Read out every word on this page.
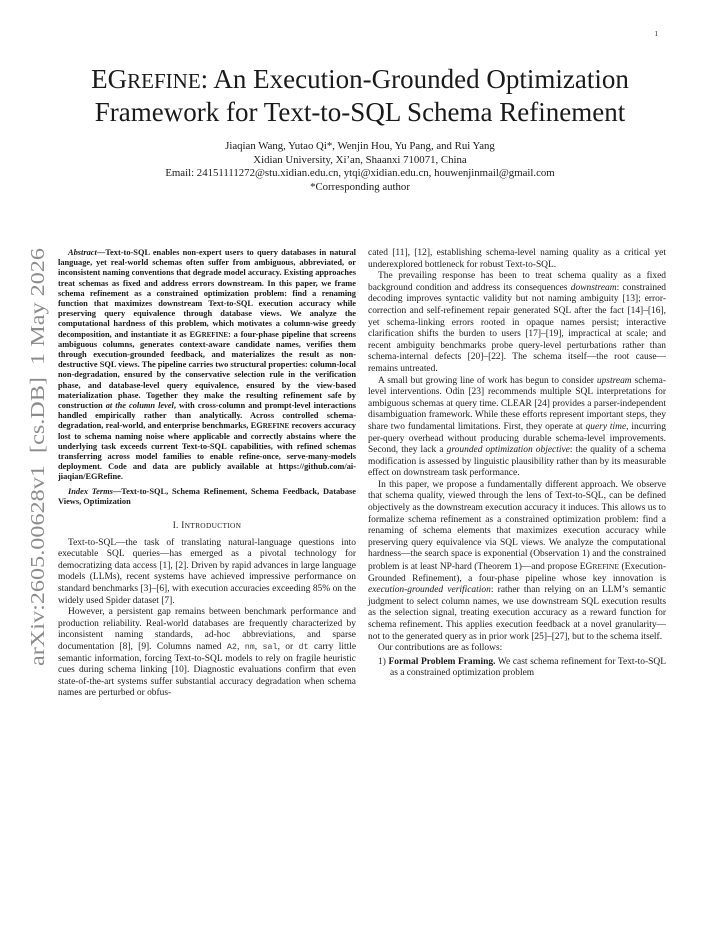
1
arXiv:2605.00628v1  [cs.DB]  1 May 2026
EGREFINE: An Execution-Grounded Optimization
Framework for Text-to-SQL Schema Refinement
Jiaqian Wang, Yutao Qi*, Wenjin Hou, Yu Pang, and Rui Yang
Xidian University, Xi’an, Shaanxi 710071, China
Email: 24151111272@stu.xidian.edu.cn, ytqi@xidian.edu.cn, houwenjinmail@gmail.com
*Corresponding author

Abstract—Text-to-SQL enables non-expert users to query databases in natural language, yet real-world schemas often suffer from ambiguous, abbreviated, or inconsistent naming conventions that degrade model accuracy. Existing approaches treat schemas as fixed and address errors downstream. In this paper, we frame schema refinement as a constrained optimization problem: find a renaming function that maximizes downstream Text-to-SQL execution accuracy while preserving query equivalence through database views. We analyze the computational hardness of this problem, which motivates a column-wise greedy decomposition, and instantiate it as EGREFINE: a four-phase pipeline that screens ambiguous columns, generates context-aware candidate names, verifies them through execution-grounded feedback, and materializes the result as non-destructive SQL views. The pipeline carries two structural properties: column-local non-degradation, ensured by the conservative selection rule in the verification phase, and database-level query equivalence, ensured by the view-based materialization phase. Together they make the resulting refinement safe by construction at the column level, with cross-column and prompt-level interactions handled empirically rather than analytically. Across controlled schema-degradation, real-world, and enterprise benchmarks, EGREFINE recovers accuracy lost to schema naming noise where applicable and correctly abstains where the underlying task exceeds current Text-to-SQL capabilities, with refined schemas transferring across model families to enable refine-once, serve-many-models deployment. Code and data are publicly available at https://github.com/ai-jiaqian/EGRefine.

Index Terms—Text-to-SQL, Schema Refinement, Schema Feedback, Database Views, Optimization

I. INTRODUCTION

Text-to-SQL—the task of translating natural-language questions into executable SQL queries—has emerged as a pivotal technology for democratizing data access [1], [2]. Driven by rapid advances in large language models (LLMs), recent systems have achieved impressive performance on standard benchmarks [3]–[6], with execution accuracies exceeding 85% on the widely used Spider dataset [7].

However, a persistent gap remains between benchmark performance and production reliability. Real-world databases are frequently characterized by inconsistent naming standards, ad-hoc abbreviations, and sparse documentation [8], [9]. Columns named A2, nm, sal, or dt carry little semantic information, forcing Text-to-SQL models to rely on fragile heuristic cues during schema linking [10]. Diagnostic evaluations confirm that even state-of-the-art systems suffer substantial accuracy degradation when schema names are perturbed or obfus-

cated [11], [12], establishing schema-level naming quality as a critical yet underexplored bottleneck for robust Text-to-SQL.

The prevailing response has been to treat schema quality as a fixed background condition and address its consequences downstream: constrained decoding improves syntactic validity but not naming ambiguity [13]; error-correction and self-refinement repair generated SQL after the fact [14]–[16], yet schema-linking errors rooted in opaque names persist; interactive clarification shifts the burden to users [17]–[19], impractical at scale; and recent ambiguity benchmarks probe query-level perturbations rather than schema-internal defects [20]–[22]. The schema itself—the root cause—remains untreated.

A small but growing line of work has begun to consider upstream schema-level interventions. Odin [23] recommends multiple SQL interpretations for ambiguous schemas at query time. CLEAR [24] provides a parser-independent disambiguation framework. While these efforts represent important steps, they share two fundamental limitations. First, they operate at query time, incurring per-query overhead without producing durable schema-level improvements. Second, they lack a grounded optimization objective: the quality of a schema modification is assessed by linguistic plausibility rather than by its measurable effect on downstream task performance.

In this paper, we propose a fundamentally different approach. We observe that schema quality, viewed through the lens of Text-to-SQL, can be defined objectively as the downstream execution accuracy it induces. This allows us to formalize schema refinement as a constrained optimization problem: find a renaming of schema elements that maximizes execution accuracy while preserving query equivalence via SQL views. We analyze the computational hardness—the search space is exponential (Observation 1) and the constrained problem is at least NP-hard (Theorem 1)—and propose EGREFINE (Execution-Grounded Refinement), a four-phase pipeline whose key innovation is execution-grounded verification: rather than relying on an LLM’s semantic judgment to select column names, we use downstream SQL execution results as the selection signal, treating execution accuracy as a reward function for schema refinement. This applies execution feedback at a novel granularity—not to the generated query as in prior work [25]–[27], but to the schema itself.

Our contributions are as follows:

1) Formal Problem Framing. We cast schema refinement for Text-to-SQL as a constrained optimization problem
